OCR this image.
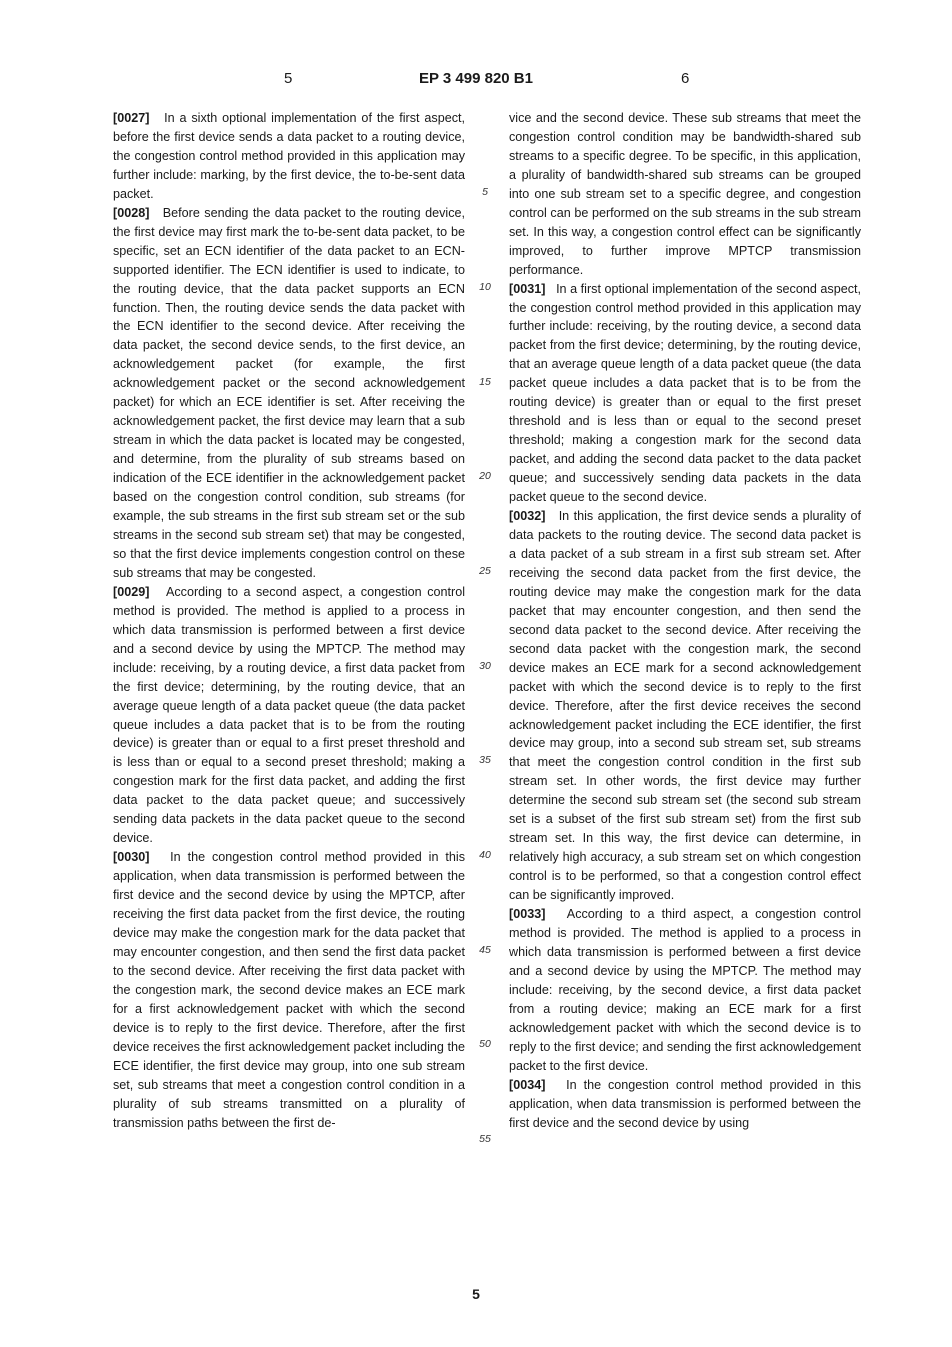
5	EP 3 499 820 B1	6

[0027] In a sixth optional implementation of the first aspect, before the first device sends a data packet to a routing device, the congestion control method provided in this application may further include: marking, by the first device, the to-be-sent data packet.

[0028] Before sending the data packet to the routing device, the first device may first mark the to-be-sent data packet, to be specific, set an ECN identifier of the data packet to an ECN-supported identifier. The ECN identifier is used to indicate, to the routing device, that the data packet supports an ECN function. Then, the routing device sends the data packet with the ECN identifier to the second device. After receiving the data packet, the second device sends, to the first device, an acknowledgement packet (for example, the first acknowledgement packet or the second acknowledgement packet) for which an ECE identifier is set. After receiving the acknowledgement packet, the first device may learn that a sub stream in which the data packet is located may be congested, and determine, from the plurality of sub streams based on indication of the ECE identifier in the acknowledgement packet based on the congestion control condition, sub streams (for example, the sub streams in the first sub stream set or the sub streams in the second sub stream set) that may be congested, so that the first device implements congestion control on these sub streams that may be congested.

[0029] According to a second aspect, a congestion control method is provided. The method is applied to a process in which data transmission is performed between a first device and a second device by using the MPTCP. The method may include: receiving, by a routing device, a first data packet from the first device; determining, by the routing device, that an average queue length of a data packet queue (the data packet queue includes a data packet that is to be from the routing device) is greater than or equal to a first preset threshold and is less than or equal to a second preset threshold; making a congestion mark for the first data packet, and adding the first data packet to the data packet queue; and successively sending data packets in the data packet queue to the second device.

[0030] In the congestion control method provided in this application, when data transmission is performed between the first device and the second device by using the MPTCP, after receiving the first data packet from the first device, the routing device may make the congestion mark for the data packet that may encounter congestion, and then send the first data packet to the second device. After receiving the first data packet with the congestion mark, the second device makes an ECE mark for a first acknowledgement packet with which the second device is to reply to the first device. Therefore, after the first device receives the first acknowledgement packet including the ECE identifier, the first device may group, into one sub stream set, sub streams that meet a congestion control condition in a plurality of sub streams transmitted on a plurality of transmission paths between the first de-

vice and the second device. These sub streams that meet the congestion control condition may be bandwidth-shared sub streams to a specific degree. To be specific, in this application, a plurality of bandwidth-shared sub streams can be grouped into one sub stream set to a specific degree, and congestion control can be performed on the sub streams in the sub stream set. In this way, a congestion control effect can be significantly improved, to further improve MPTCP transmission performance.

[0031] In a first optional implementation of the second aspect, the congestion control method provided in this application may further include: receiving, by the routing device, a second data packet from the first device; determining, by the routing device, that an average queue length of a data packet queue (the data packet queue includes a data packet that is to be from the routing device) is greater than or equal to the first preset threshold and is less than or equal to the second preset threshold; making a congestion mark for the second data packet, and adding the second data packet to the data packet queue; and successively sending data packets in the data packet queue to the second device.

[0032] In this application, the first device sends a plurality of data packets to the routing device. The second data packet is a data packet of a sub stream in a first sub stream set. After receiving the second data packet from the first device, the routing device may make the congestion mark for the data packet that may encounter congestion, and then send the second data packet to the second device. After receiving the second data packet with the congestion mark, the second device makes an ECE mark for a second acknowledgement packet with which the second device is to reply to the first device. Therefore, after the first device receives the second acknowledgement packet including the ECE identifier, the first device may group, into a second sub stream set, sub streams that meet the congestion control condition in the first sub stream set. In other words, the first device may further determine the second sub stream set (the second sub stream set is a subset of the first sub stream set) from the first sub stream set. In this way, the first device can determine, in relatively high accuracy, a sub stream set on which congestion control is to be performed, so that a congestion control effect can be significantly improved.

[0033] According to a third aspect, a congestion control method is provided. The method is applied to a process in which data transmission is performed between a first device and a second device by using the MPTCP. The method may include: receiving, by the second device, a first data packet from a routing device; making an ECE mark for a first acknowledgement packet with which the second device is to reply to the first device; and sending the first acknowledgement packet to the first device.

[0034] In the congestion control method provided in this application, when data transmission is performed between the first device and the second device by using

5
10
15
20
25
30
35
40
45
50
55
5
